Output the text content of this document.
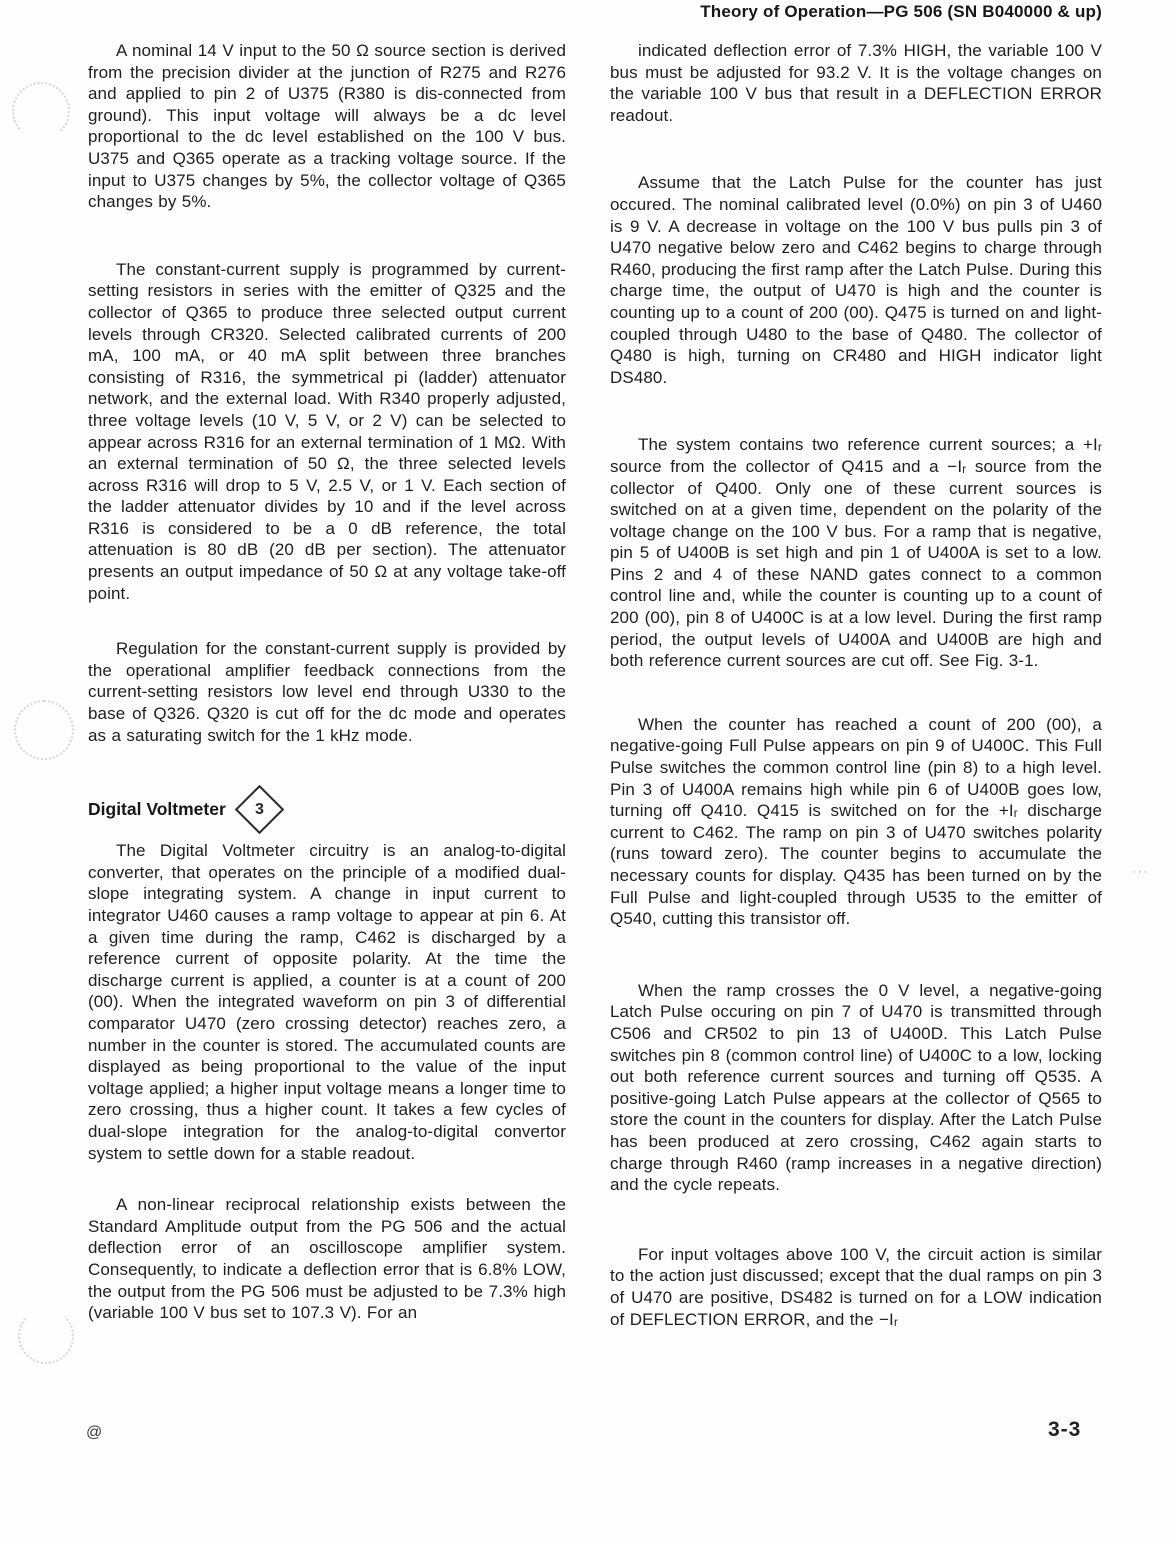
Theory of Operation—PG 506 (SN B040000 & up)
···

A nominal 14 V input to the 50 Ω source section is derived from the precision divider at the junction of R275 and R276 and applied to pin 2 of U375 (R380 is dis-connected from ground). This input voltage will always be a dc level proportional to the dc level established on the 100 V bus. U375 and Q365 operate as a tracking voltage source. If the input to U375 changes by 5%, the collector voltage of Q365 changes by 5%.

The constant-current supply is programmed by current-setting resistors in series with the emitter of Q325 and the collector of Q365 to produce three selected output current levels through CR320. Selected calibrated currents of 200 mA, 100 mA, or 40 mA split between three branches consisting of R316, the symmetrical pi (ladder) attenuator network, and the external load. With R340 properly adjusted, three voltage levels (10 V, 5 V, or 2 V) can be selected to appear across R316 for an external termination of 1 MΩ. With an external termination of 50 Ω, the three selected levels across R316 will drop to 5 V, 2.5 V, or 1 V. Each section of the ladder attenuator divides by 10 and if the level across R316 is considered to be a 0 dB reference, the total attenuation is 80 dB (20 dB per section). The attenuator presents an output impedance of 50 Ω at any voltage take-off point.

Regulation for the constant-current supply is provided by the operational amplifier feedback connections from the current-setting resistors low level end through U330 to the base of Q326. Q320 is cut off for the dc mode and operates as a saturating switch for the 1 kHz mode.

Digital Voltmeter 3

The Digital Voltmeter circuitry is an analog-to-digital converter, that operates on the principle of a modified dual-slope integrating system. A change in input current to integrator U460 causes a ramp voltage to appear at pin 6. At a given time during the ramp, C462 is discharged by a reference current of opposite polarity. At the time the discharge current is applied, a counter is at a count of 200 (00). When the integrated waveform on pin 3 of differential comparator U470 (zero crossing detector) reaches zero, a number in the counter is stored. The accumulated counts are displayed as being proportional to the value of the input voltage applied; a higher input voltage means a longer time to zero crossing, thus a higher count. It takes a few cycles of dual-slope integration for the analog-to-digital convertor system to settle down for a stable readout.

A non-linear reciprocal relationship exists between the Standard Amplitude output from the PG 506 and the actual deflection error of an oscilloscope amplifier system. Consequently, to indicate a deflection error that is 6.8% LOW, the output from the PG 506 must be adjusted to be 7.3% high (variable 100 V bus set to 107.3 V). For an

indicated deflection error of 7.3% HIGH, the variable 100 V bus must be adjusted for 93.2 V. It is the voltage changes on the variable 100 V bus that result in a DEFLECTION ERROR readout.

Assume that the Latch Pulse for the counter has just occured. The nominal calibrated level (0.0%) on pin 3 of U460 is 9 V. A decrease in voltage on the 100 V bus pulls pin 3 of U470 negative below zero and C462 begins to charge through R460, producing the first ramp after the Latch Pulse. During this charge time, the output of U470 is high and the counter is counting up to a count of 200 (00). Q475 is turned on and light-coupled through U480 to the base of Q480. The collector of Q480 is high, turning on CR480 and HIGH indicator light DS480.

The system contains two reference current sources; a +Iᵣ source from the collector of Q415 and a −Iᵣ source from the collector of Q400. Only one of these current sources is switched on at a given time, dependent on the polarity of the voltage change on the 100 V bus. For a ramp that is negative, pin 5 of U400B is set high and pin 1 of U400A is set to a low. Pins 2 and 4 of these NAND gates connect to a common control line and, while the counter is counting up to a count of 200 (00), pin 8 of U400C is at a low level. During the first ramp period, the output levels of U400A and U400B are high and both reference current sources are cut off. See Fig. 3-1.

When the counter has reached a count of 200 (00), a negative-going Full Pulse appears on pin 9 of U400C. This Full Pulse switches the common control line (pin 8) to a high level. Pin 3 of U400A remains high while pin 6 of U400B goes low, turning off Q410. Q415 is switched on for the +Iᵣ discharge current to C462. The ramp on pin 3 of U470 switches polarity (runs toward zero). The counter begins to accumulate the necessary counts for display. Q435 has been turned on by the Full Pulse and light-coupled through U535 to the emitter of Q540, cutting this transistor off.

When the ramp crosses the 0 V level, a negative-going Latch Pulse occuring on pin 7 of U470 is transmitted through C506 and CR502 to pin 13 of U400D. This Latch Pulse switches pin 8 (common control line) of U400C to a low, locking out both reference current sources and turning off Q535. A positive-going Latch Pulse appears at the collector of Q565 to store the count in the counters for display. After the Latch Pulse has been produced at zero crossing, C462 again starts to charge through R460 (ramp increases in a negative direction) and the cycle repeats.

For input voltages above 100 V, the circuit action is similar to the action just discussed; except that the dual ramps on pin 3 of U470 are positive, DS482 is turned on for a LOW indication of DEFLECTION ERROR, and the −Iᵣ

@	3-3
